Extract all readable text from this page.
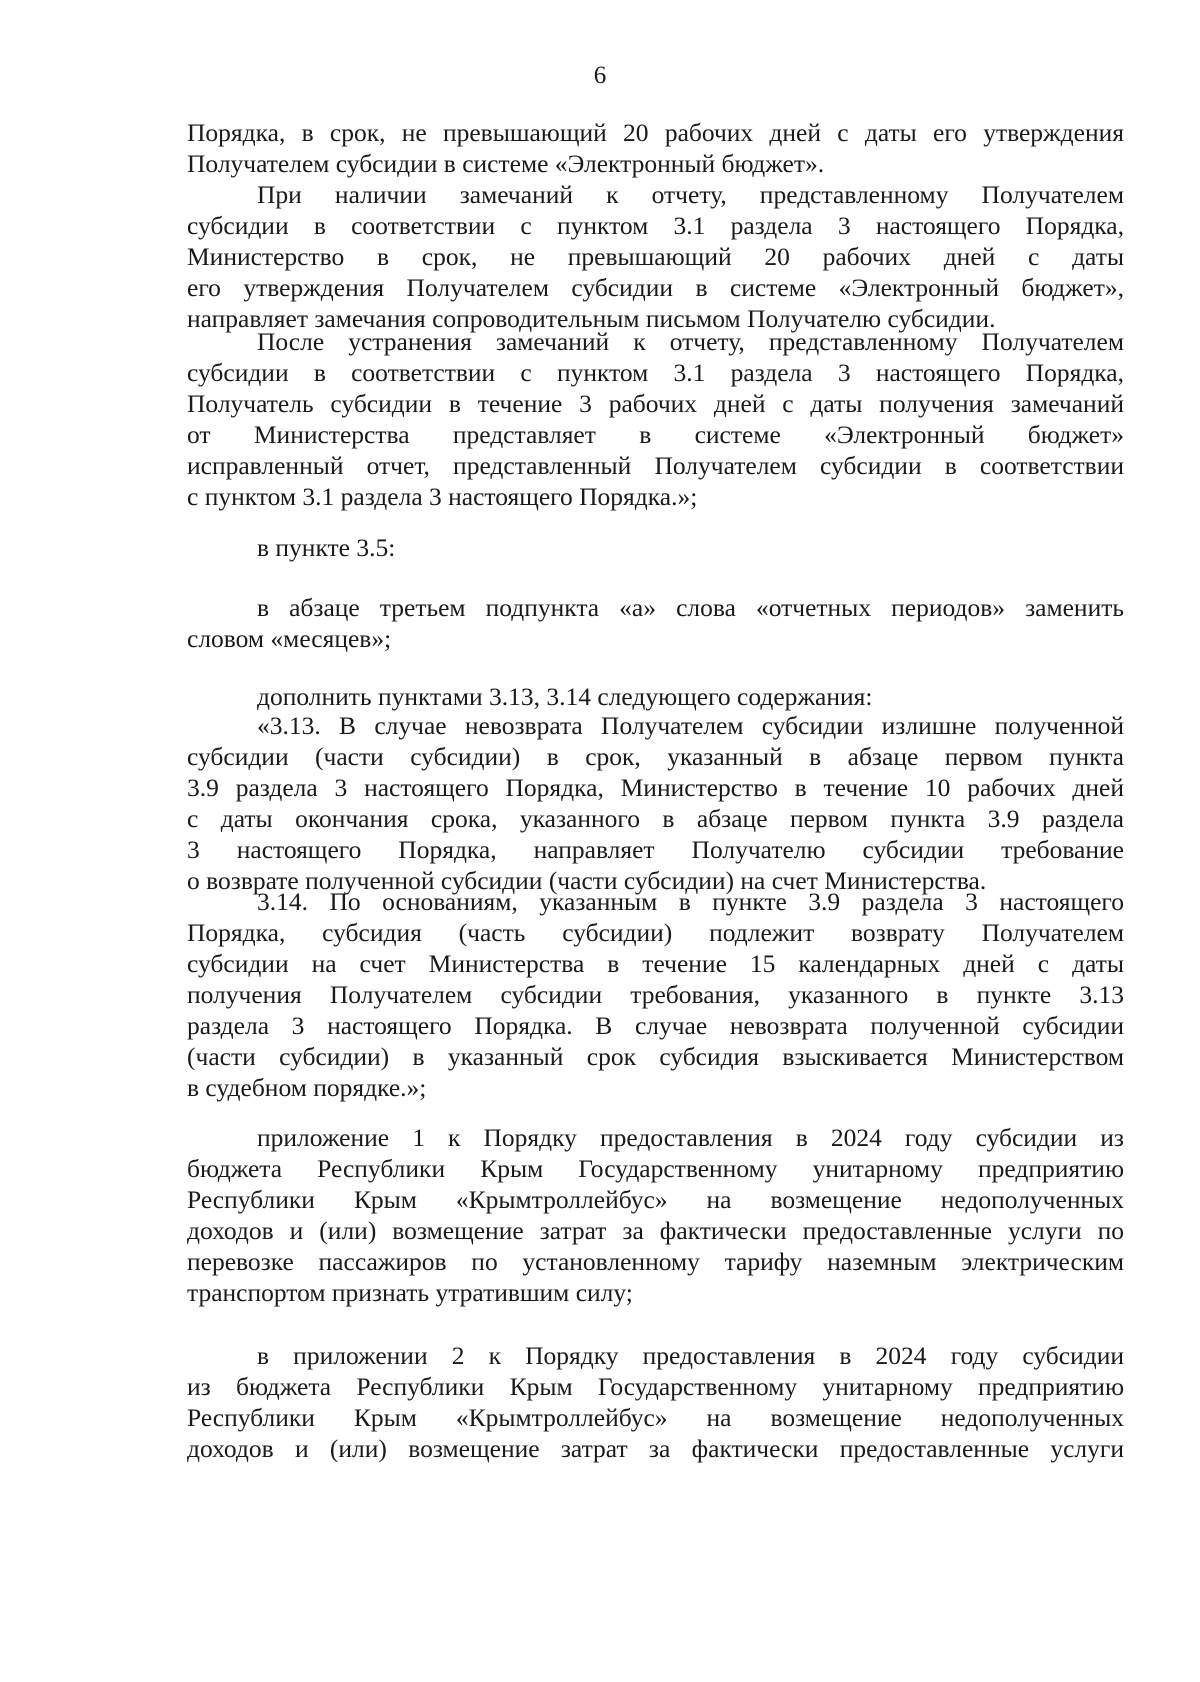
6
Порядка, в срок, не превышающий 20 рабочих дней с даты его утверждения
Получателем субсидии в системе «Электронный бюджет».
При наличии замечаний к отчету, представленному Получателем
субсидии в соответствии с пунктом 3.1 раздела 3 настоящего Порядка,
Министерство в срок, не превышающий 20 рабочих дней с даты
его утверждения Получателем субсидии в системе «Электронный бюджет»,
направляет замечания сопроводительным письмом Получателю субсидии.
После устранения замечаний к отчету, представленному Получателем
субсидии в соответствии с пунктом 3.1 раздела 3 настоящего Порядка,
Получатель субсидии в течение 3 рабочих дней с даты получения замечаний
от Министерства представляет в системе «Электронный бюджет»
исправленный отчет, представленный Получателем субсидии в соответствии
с пунктом 3.1 раздела 3 настоящего Порядка.»;
в пункте 3.5:
в абзаце третьем подпункта «а» слова «отчетных периодов» заменить
словом «месяцев»;
дополнить пунктами 3.13, 3.14 следующего содержания:
«3.13. В случае невозврата Получателем субсидии излишне полученной
субсидии (части субсидии) в срок, указанный в абзаце первом пункта
3.9 раздела 3 настоящего Порядка, Министерство в течение 10 рабочих дней
с даты окончания срока, указанного в абзаце первом пункта 3.9 раздела
3 настоящего Порядка, направляет Получателю субсидии требование
о возврате полученной субсидии (части субсидии) на счет Министерства.
3.14. По основаниям, указанным в пункте 3.9 раздела 3 настоящего
Порядка, субсидия (часть субсидии) подлежит возврату Получателем
субсидии на счет Министерства в течение 15 календарных дней с даты
получения Получателем субсидии требования, указанного в пункте 3.13
раздела 3 настоящего Порядка. В случае невозврата полученной субсидии
(части субсидии) в указанный срок субсидия взыскивается Министерством
в судебном порядке.»;
приложение 1 к Порядку предоставления в 2024 году субсидии из
бюджета Республики Крым Государственному унитарному предприятию
Республики Крым «Крымтроллейбус» на возмещение недополученных
доходов и (или) возмещение затрат за фактически предоставленные услуги по
перевозке пассажиров по установленному тарифу наземным электрическим
транспортом признать утратившим силу;
в приложении 2 к Порядку предоставления в 2024 году субсидии
из бюджета Республики Крым Государственному унитарному предприятию
Республики Крым «Крымтроллейбус» на возмещение недополученных
доходов и (или) возмещение затрат за фактически предоставленные услуги
